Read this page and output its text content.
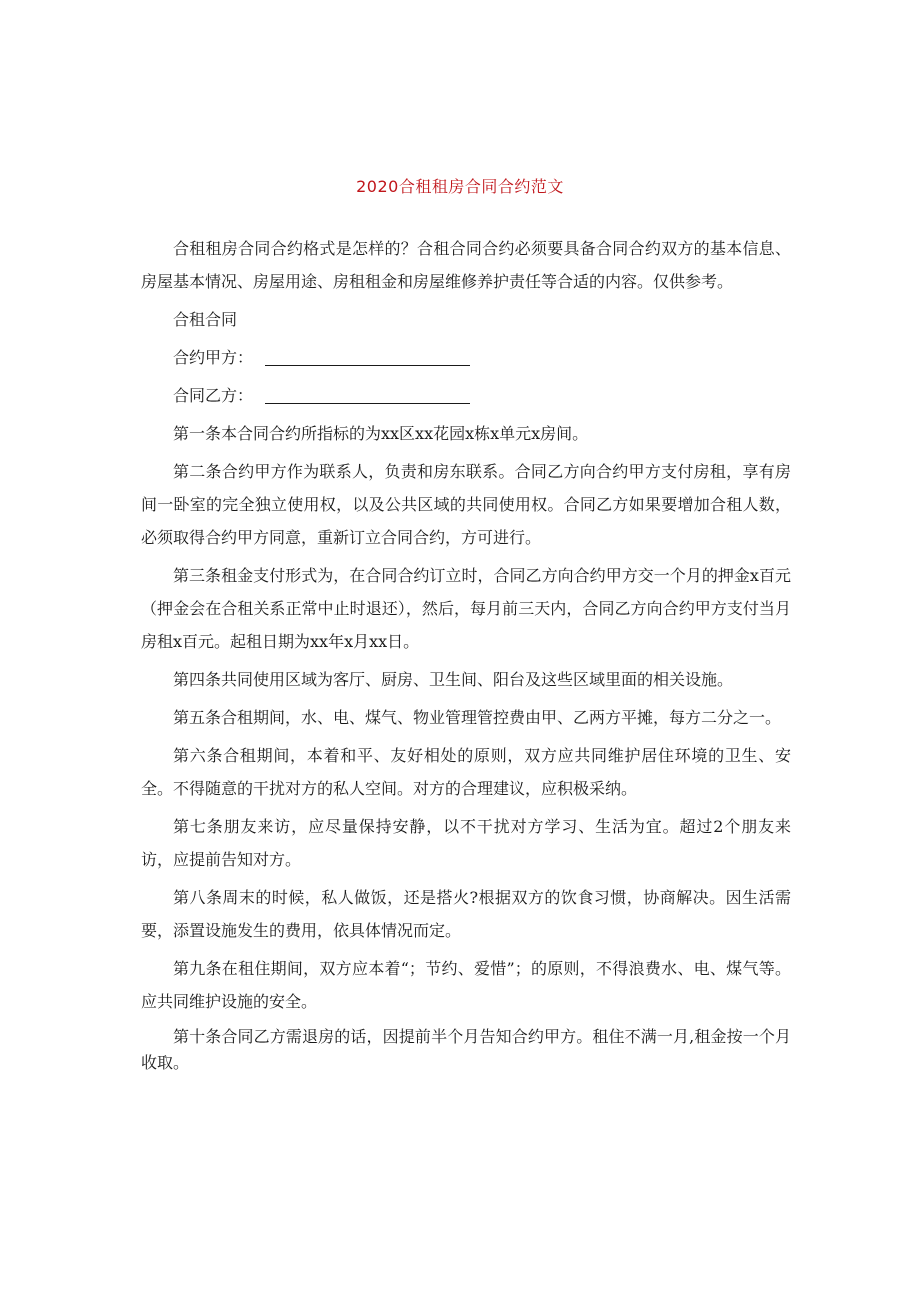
2020合租租房合同合约范文

合租租房合同合约格式是怎样的？合租合同合约必须要具备合同合约双方的基本信息、房屋基本情况、房屋用途、房租租金和房屋维修养护责任等合适的内容。仅供参考。

合租合同

合约甲方：

合同乙方：

第一条本合同合约所指标的为xx区xx花园x栋x单元x房间。

第二条合约甲方作为联系人，负责和房东联系。合同乙方向合约甲方支付房租，享有房间一卧室的完全独立使用权，以及公共区域的共同使用权。合同乙方如果要增加合租人数，必须取得合约甲方同意，重新订立合同合约，方可进行。

第三条租金支付形式为，在合同合约订立时，合同乙方向合约甲方交一个月的押金x百元（押金会在合租关系正常中止时退还），然后，每月前三天内，合同乙方向合约甲方支付当月房租x百元。起租日期为xx年x月xx日。

第四条共同使用区域为客厅、厨房、卫生间、阳台及这些区域里面的相关设施。

第五条合租期间，水、电、煤气、物业管理管控费由甲、乙两方平摊，每方二分之一。

第六条合租期间，本着和平、友好相处的原则，双方应共同维护居住环境的卫生、安全。不得随意的干扰对方的私人空间。对方的合理建议，应积极采纳。

第七条朋友来访，应尽量保持安静，以不干扰对方学习、生活为宜。超过2个朋友来访，应提前告知对方。

第八条周末的时候，私人做饭，还是搭火?根据双方的饮食习惯，协商解决。因生活需要，添置设施发生的费用，依具体情况而定。

第九条在租住期间，双方应本着“；节约、爱惜”；的原则，不得浪费水、电、煤气等。应共同维护设施的安全。

第十条合同乙方需退房的话，因提前半个月告知合约甲方。租住不满一月,租金按一个月收取。
